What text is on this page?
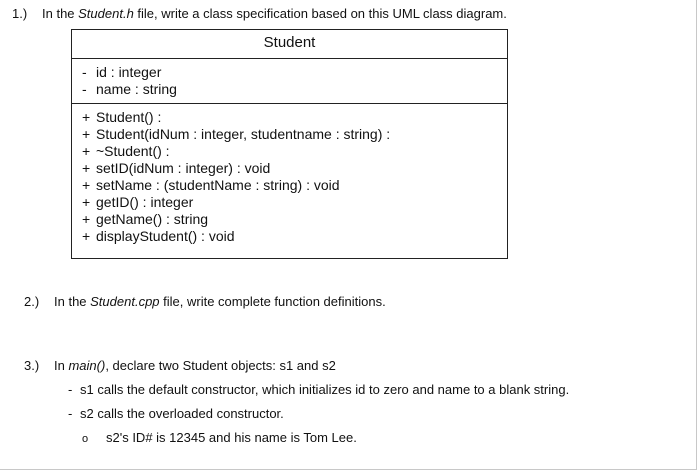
1.) In the Student.h file, write a class specification based on this UML class diagram.
Student
- id : integer
- name : string
+ Student() :
+ Student(idNum : integer, studentname : string) :
+ ~Student() :
+ setID(idNum : integer) : void
+ setName : (studentName : string) : void
+ getID() : integer
+ getName() : string
+ displayStudent() : void
2.) In the Student.cpp file, write complete function definitions.
3.) In main(), declare two Student objects: s1 and s2
- s1 calls the default constructor, which initializes id to zero and name to a blank string.
- s2 calls the overloaded constructor.
o s2's ID# is 12345 and his name is Tom Lee.
